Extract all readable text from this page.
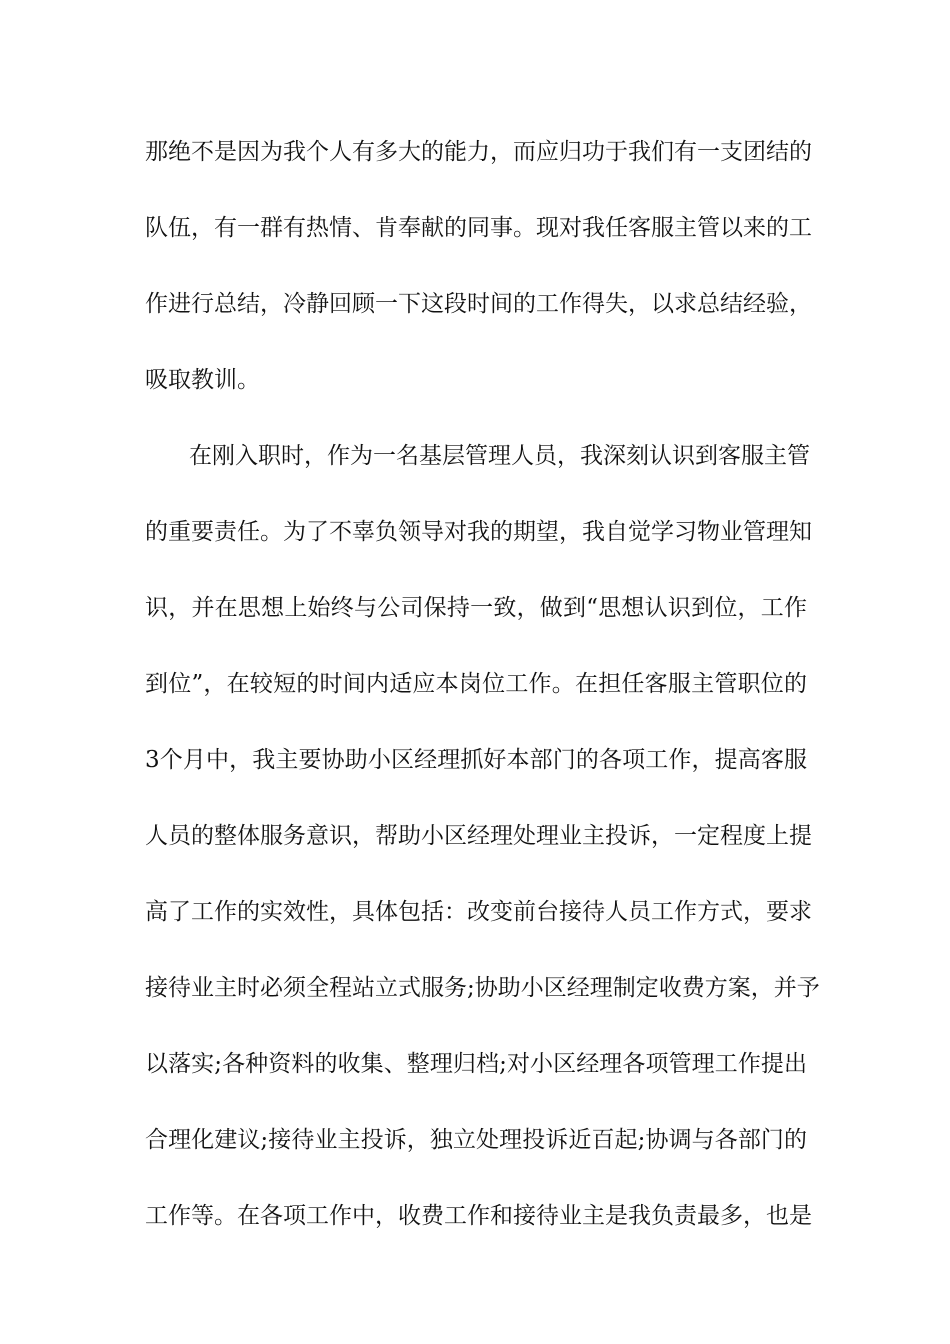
那绝不是因为我个人有多大的能力，而应归功于我们有一支团结的
队伍，有一群有热情、肯奉献的同事。现对我任客服主管以来的工
作进行总结，冷静回顾一下这段时间的工作得失，以求总结经验，
吸取教训。
在刚入职时，作为一名基层管理人员，我深刻认识到客服主管
的重要责任。为了不辜负领导对我的期望，我自觉学习物业管理知
识，并在思想上始终与公司保持一致，做到“思想认识到位，工作
到位”，在较短的时间内适应本岗位工作。在担任客服主管职位的
3个月中，我主要协助小区经理抓好本部门的各项工作，提高客服
人员的整体服务意识，帮助小区经理处理业主投诉，一定程度上提
高了工作的实效性，具体包括：改变前台接待人员工作方式，要求
接待业主时必须全程站立式服务;协助小区经理制定收费方案，并予
以落实;各种资料的收集、整理归档;对小区经理各项管理工作提出
合理化建议;接待业主投诉，独立处理投诉近百起;协调与各部门的
工作等。在各项工作中，收费工作和接待业主是我负责最多，也是
